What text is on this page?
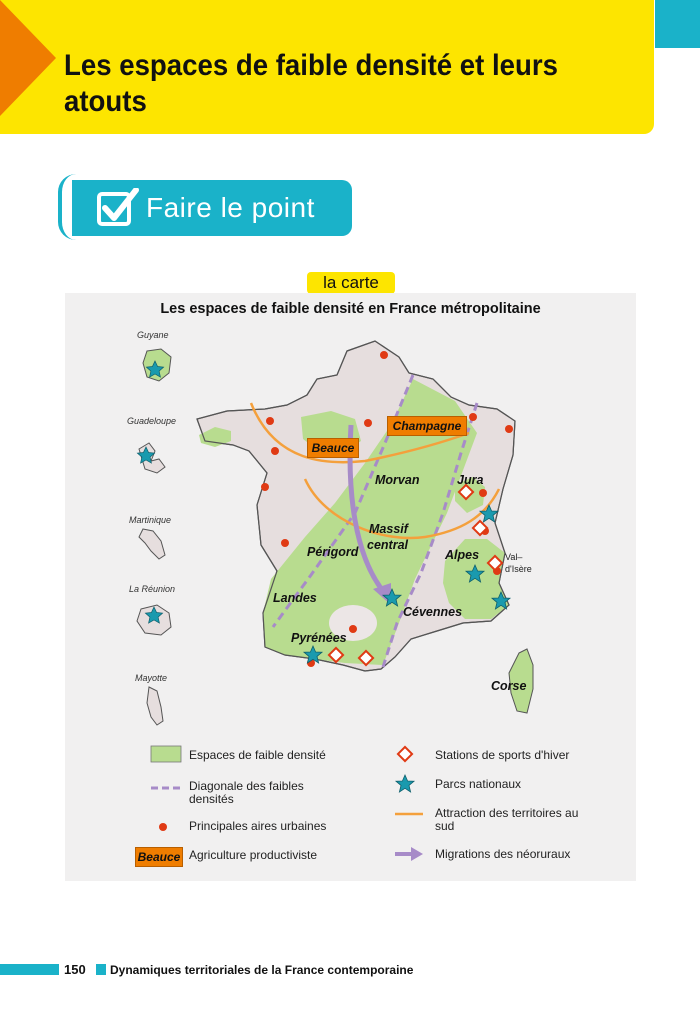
Les espaces de faible densité et leurs atouts
Faire le point
la carte
Les espaces de faible densité en France métropolitaine
Guyane
Guadeloupe
Martinique
La Réunion
Mayotte
Morvan	Jura
Massif
central
Périgord	Alpes
Landes
Cévennes
Pyrénées
Corse
Val–
d'Isère
Beauce
Champagne
Espaces de faible densité
Diagonale des faibles densités
Principales aires urbaines
Beauce Agriculture productiviste
Stations de sports d'hiver
Parcs nationaux
Attraction des territoires au sud
Migrations des néoruraux
150 Dynamiques territoriales de la France contemporaine
